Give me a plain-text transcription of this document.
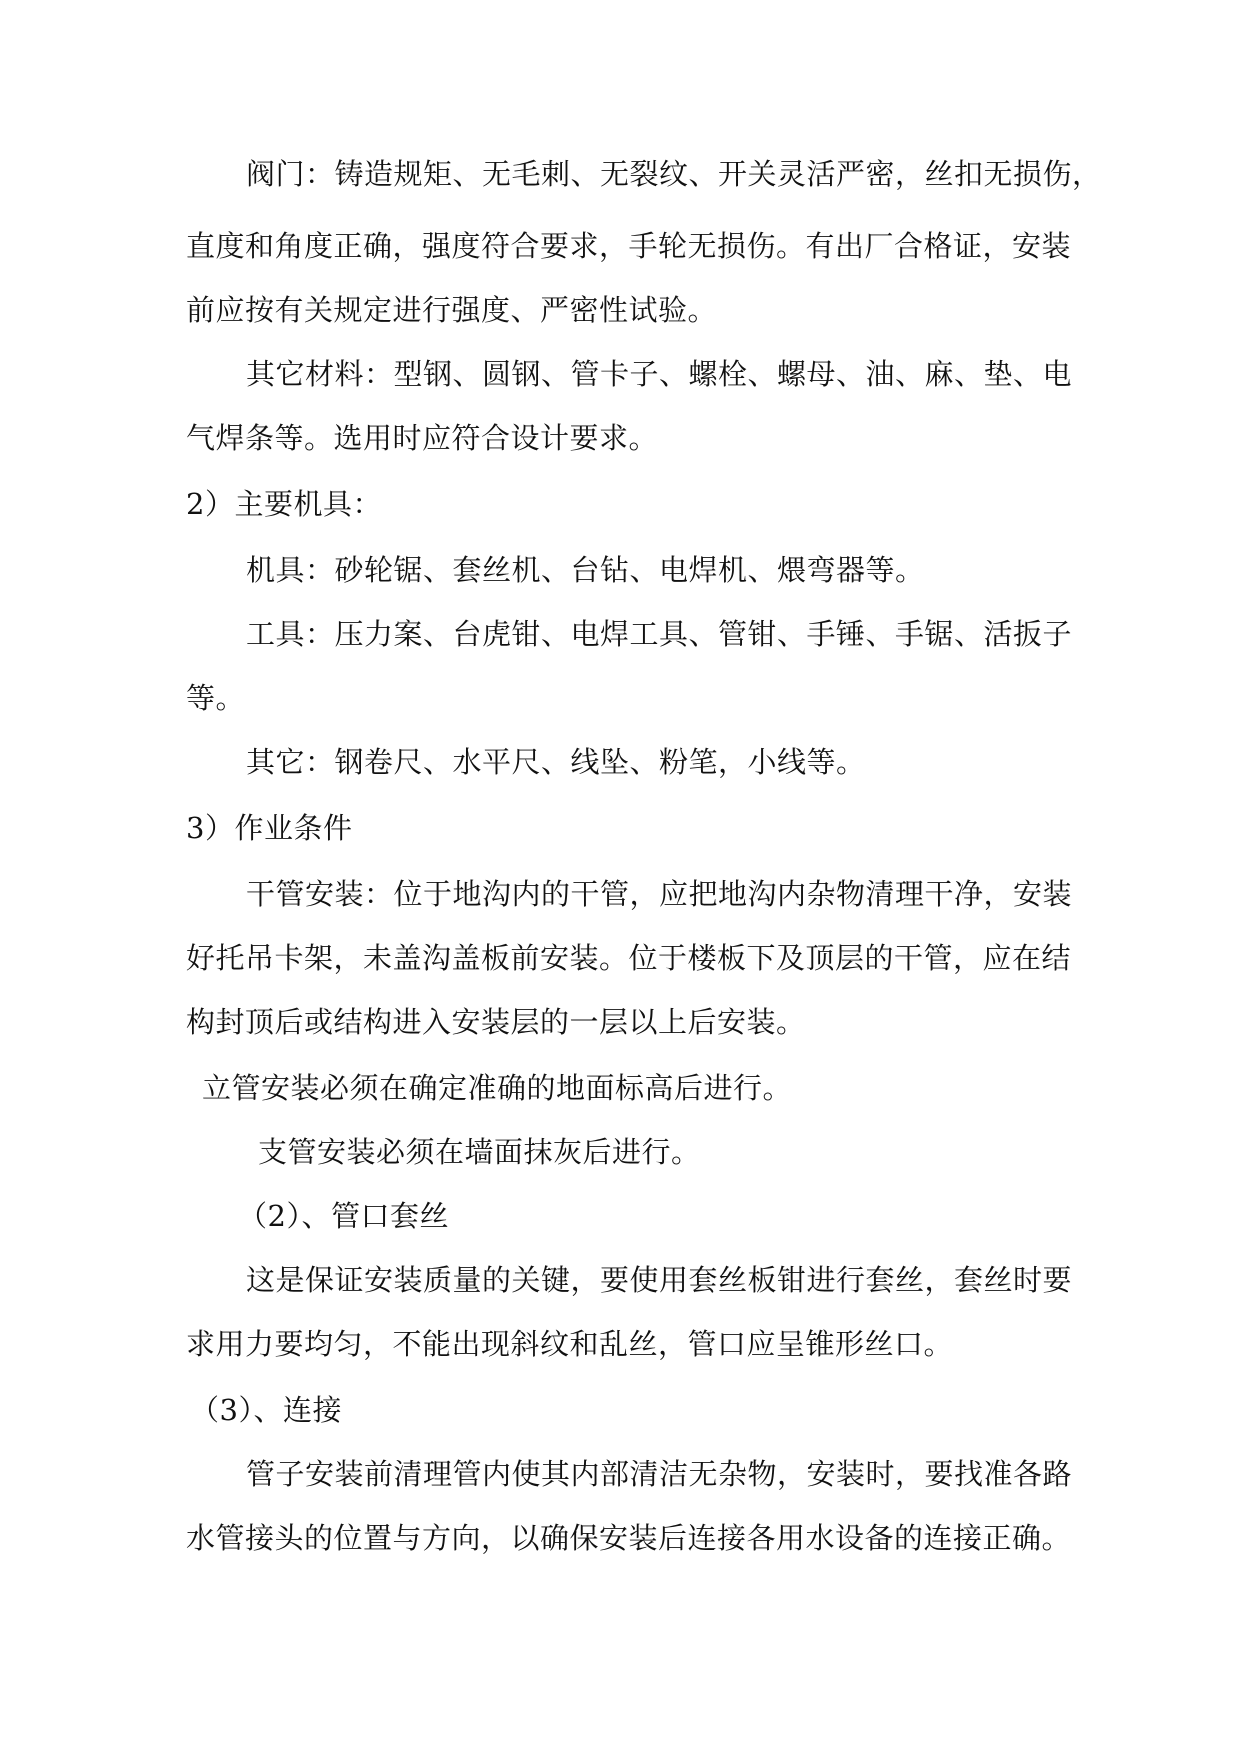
阀门：铸造规矩、无毛刺、无裂纹、开关灵活严密，丝扣无损伤，
直度和角度正确，强度符合要求，手轮无损伤。有出厂合格证，安装
前应按有关规定进行强度、严密性试验。
其它材料：型钢、圆钢、管卡子、螺栓、螺母、油、麻、垫、电
气焊条等。选用时应符合设计要求。
2）主要机具：
机具：砂轮锯、套丝机、台钻、电焊机、煨弯器等。
工具：压力案、台虎钳、电焊工具、管钳、手锤、手锯、活扳子
等。
其它：钢卷尺、水平尺、线坠、粉笔，小线等。
3）作业条件
干管安装：位于地沟内的干管，应把地沟内杂物清理干净，安装
好托吊卡架，未盖沟盖板前安装。位于楼板下及顶层的干管，应在结
构封顶后或结构进入安装层的一层以上后安装。
立管安装必须在确定准确的地面标高后进行。
支管安装必须在墙面抹灰后进行。
（2）、管口套丝
这是保证安装质量的关键，要使用套丝板钳进行套丝，套丝时要
求用力要均匀，不能出现斜纹和乱丝，管口应呈锥形丝口。
（3）、连接
管子安装前清理管内使其内部清洁无杂物，安装时，要找准各路
水管接头的位置与方向，以确保安装后连接各用水设备的连接正确。
